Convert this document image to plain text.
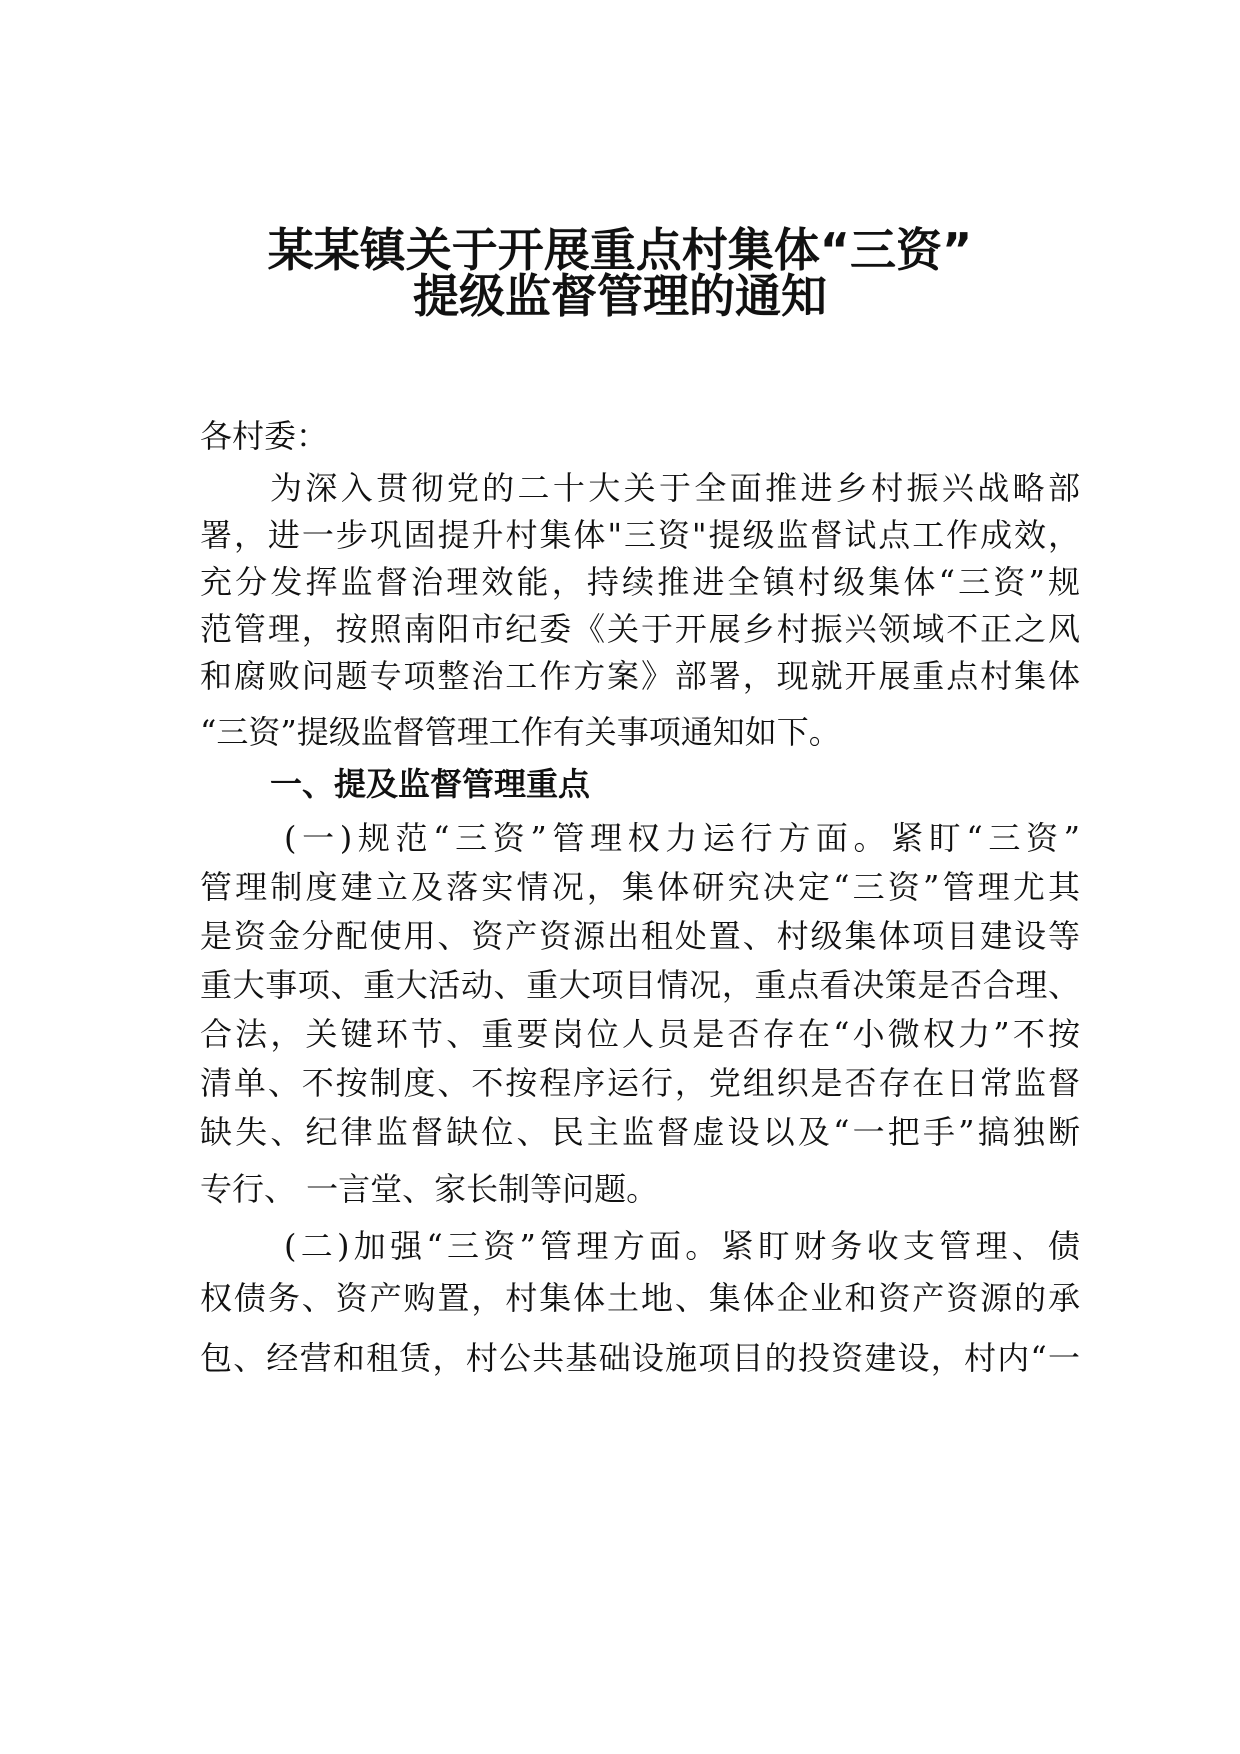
某某镇关于开展重点村集体“三资”
提级监督管理的通知
各村委：
为深入贯彻党的二十大关于全面推进乡村振兴战略部
署，进一步巩固提升村集体"三资"提级监督试点工作成效，
充分发挥监督治理效能，持续推进全镇村级集体“三资”规
范管理，按照南阳市纪委《关于开展乡村振兴领域不正之风
和腐败问题专项整治工作方案》部署，现就开展重点村集体
“三资”提级监督管理工作有关事项通知如下。
一、提及监督管理重点
(一)规范“三资”管理权力运行方面。紧盯“三资”
管理制度建立及落实情况，集体研究决定“三资”管理尤其
是资金分配使用、资产资源出租处置、村级集体项目建设等
重大事项、重大活动、重大项目情况，重点看决策是否合理、
合法，关键环节、重要岗位人员是否存在“小微权力”不按
清单、不按制度、不按程序运行，党组织是否存在日常监督
缺失、纪律监督缺位、民主监督虚设以及“一把手”搞独断
专行、 一言堂、家长制等问题。
(二)加强“三资”管理方面。紧盯财务收支管理、债
权债务、资产购置，村集体土地、集体企业和资产资源的承
包、经营和租赁，村公共基础设施项目的投资建设，村内“一
